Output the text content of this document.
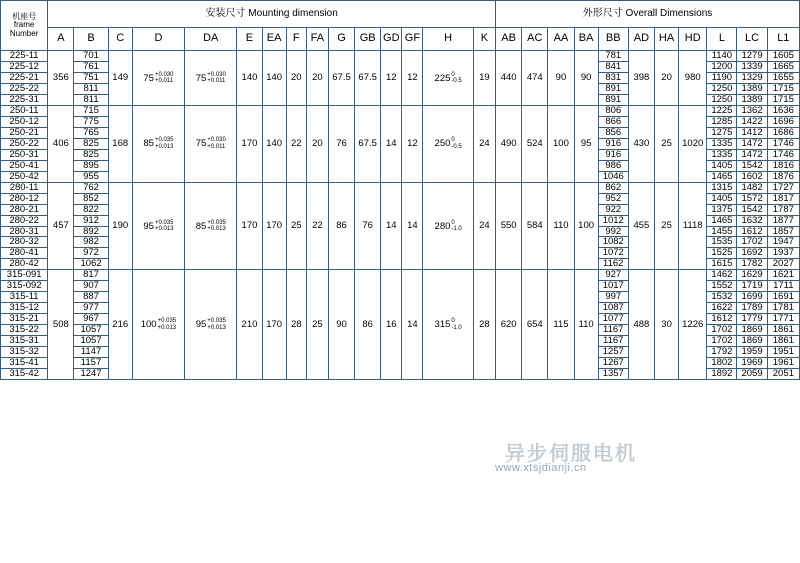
机座号
frame
Number	安装尺寸 Mounting dimension															外形尺寸 Overall Dimensions										
	A	B	C	D	DA	E	EA	F	FA	G	GB	GD	GF	H	K	AB	AC	AA	BA	BB	AD	HA	HD	L	LC	L1
225-11	356	701	149	75 +0.030
+0.011	75 +0.030
+0.011	140	140	20	20	67.5	67.5	12	12	225 0
-0.5	19	440	474	90	90	781	398	20	980	1140	1279	1605
225-12		761																		841				1200	1339	1665
225-21		751																		831				1190	1329	1655
225-22		811																		891				1250	1389	1715
225-31		811																		891				1250	1389	1715
250-11	406	715	168	85 +0.035
+0.013	75 +0.030
+0.011	170	140	22	20	76	67.5	14	12	250 0
-0.5	24	490	524	100	95	806	430	25	1020	1225	1362	1636
250-12		775																		866				1285	1422	1696
250-21		765																		856				1275	1412	1686
250-22		825																		916				1335	1472	1746
250-31		825																		916				1335	1472	1746
250-41		895																		986				1405	1542	1816
250-42		955																		1046				1465	1602	1876
280-11	457	762	190	95 +0.035
+0.013	85 +0.035
+0.013	170	170	25	22	86	76	14	14	280 0
-1.0	24	550	584	110	100	862	455	25	1118	1315	1482	1727
280-12		852																		952				1405	1572	1817
280-21		822																		922				1375	1542	1787
280-22		912																		1012				1465	1632	1877
280-31		892																		992				1455	1612	1857
280-32		982																		1082				1535	1702	1947
280-41		972																		1072				1525	1692	1937
280-42		1062																		1162				1615	1782	2027
315-091	508	817	216	100 +0.035
+0.013	95 +0.035
+0.013	210	170	28	25	90	86	16	14	315 0
-1.0	28	620	654	115	110	927	488	30	1226	1462	1629	1621
315-092		907																		1017				1552	1719	1711
315-11		887																		997				1532	1699	1691
315-12		977																		1087				1622	1789	1781
315-21		967																		1077				1612	1779	1771
315-22		1057																		1167				1702	1869	1861
315-31		1057																		1167				1702	1869	1861
315-32		1147																		1257				1792	1959	1951
315-41		1157																		1267				1802	1969	1961
315-42		1247																		1357				1892	2059	2051
异步伺服电机
www.xtsjdianji.cn
